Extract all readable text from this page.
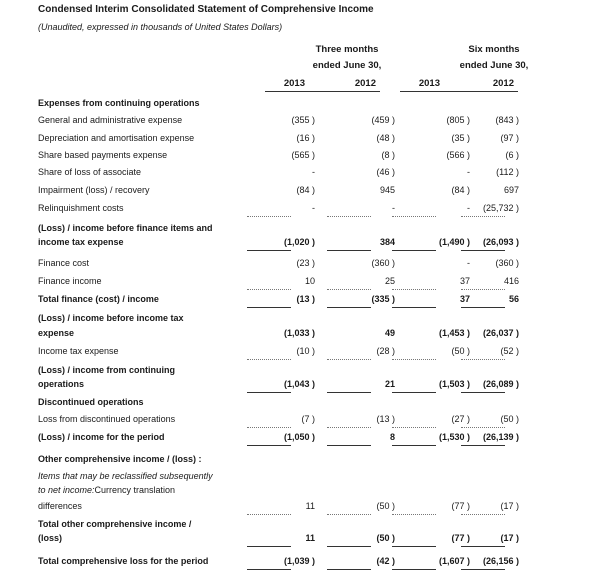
Condensed Interim Consolidated Statement of Comprehensive Income
(Unaudited, expressed in thousands of United States Dollars)
Three months
ended June 30,
Six months
ended June 30,
2013	2012	2013	2012
Expenses from continuing operations
General and administrative expense	(355 )	(459 )	(805 )	(843 )
Depreciation and amortisation expense	(16 )	(48 )	(35 )	(97 )
Share based payments expense	(565 )	(8 )	(566 )	(6 )
Share of loss of associate	-	(46 )	-	(112 )
Impairment (loss) / recovery	(84 )	945	(84 )	697
Relinquishment costs	-	-	-	(25,732 )
(Loss) / income before finance items and
income tax expense	(1,020 )	384	(1,490 )	(26,093 )
Finance cost	(23 )	(360 )	-	(360 )
Finance income	10	25	37	416
Total finance (cost) / income	(13 )	(335 )	37	56
(Loss) / income before income tax
expense	(1,033 )	49	(1,453 )	(26,037 )
Income tax expense	(10 )	(28 )	(50 )	(52 )
(Loss) / income from continuing
operations	(1,043 )	21	(1,503 )	(26,089 )
Discontinued operations
Loss from discontinued operations	(7 )	(13 )	(27 )	(50 )
(Loss) / income for the period	(1,050 )	8	(1,530 )	(26,139 )
Other comprehensive income / (loss) :
Items that may be reclassified subsequently
to net income:Currency translation
differences	11	(50 )	(77 )	(17 )
Total other comprehensive income /
(loss)	11	(50 )	(77 )	(17 )
Total comprehensive loss for the period	(1,039 )	(42 )	(1,607 )	(26,156 )
